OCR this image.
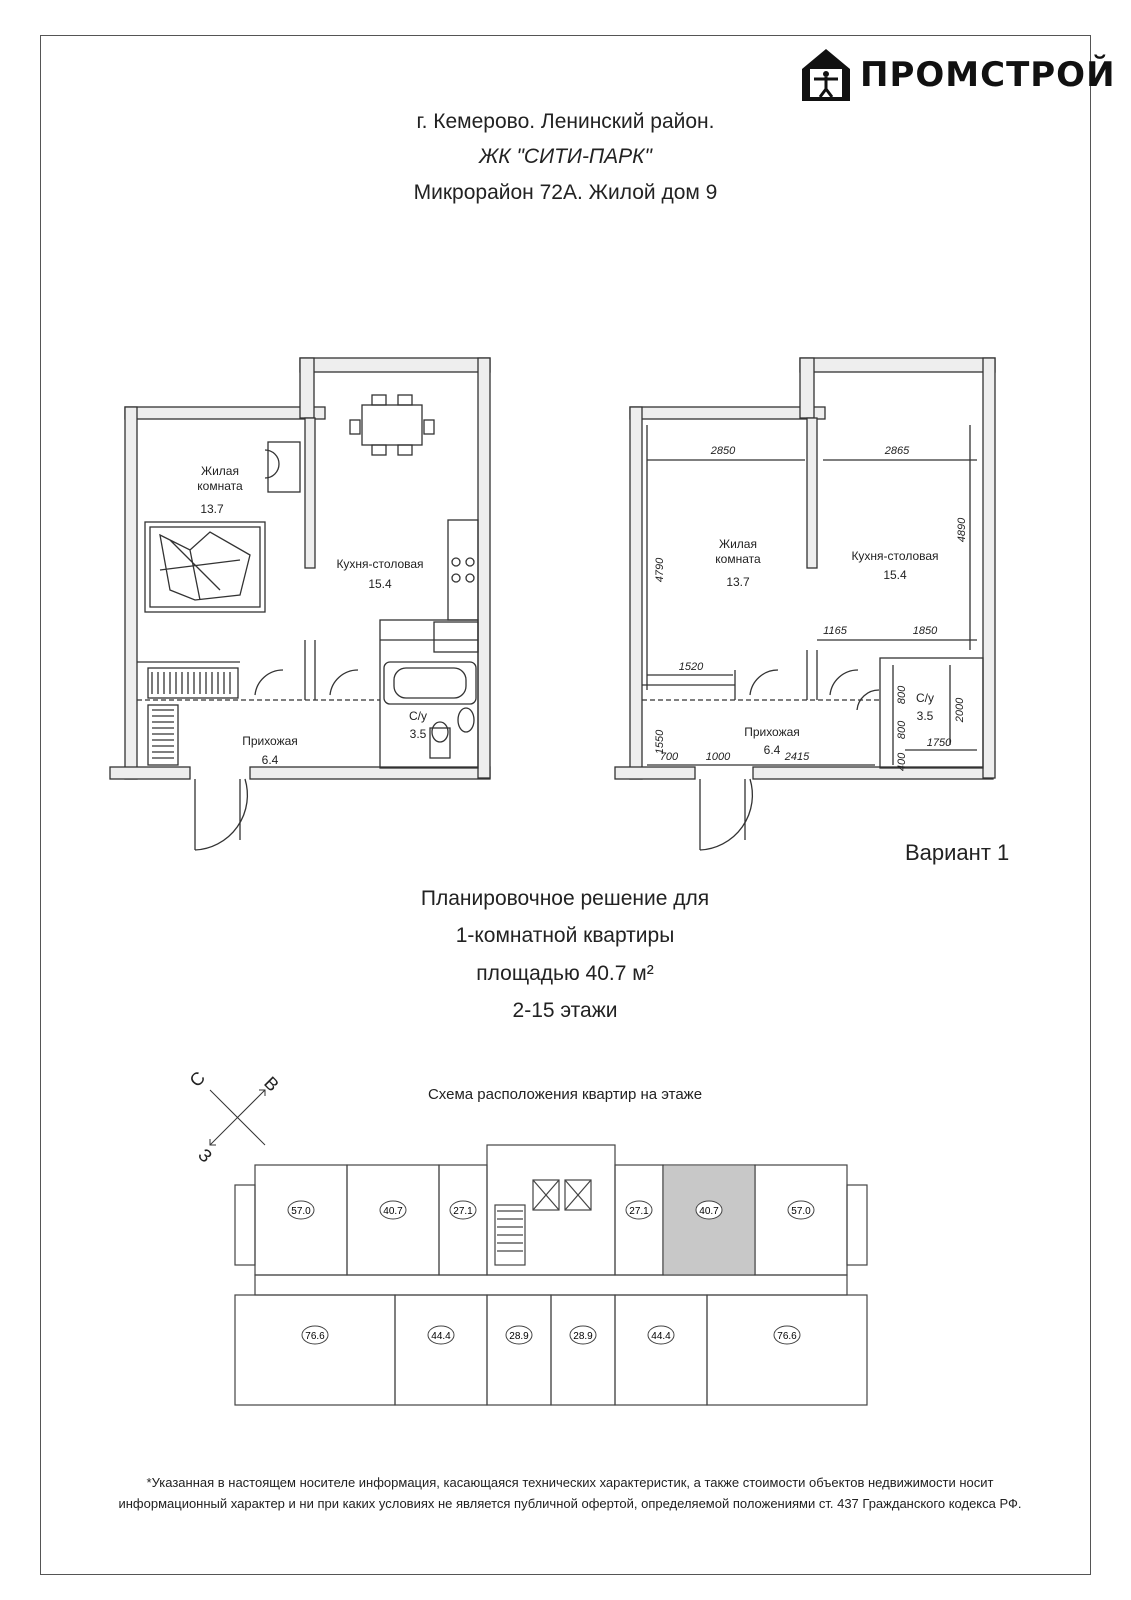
ПРОМСТРОЙ
г. Кемерово. Ленинский район.
ЖК "СИТИ-ПАРК"
Микрорайон 72А. Жилой дом 9
Жилая комната
13.7
Кухня-столовая
15.4
Прихожая
6.4
С/у
3.5
Жилая комната
13.7
Кухня-столовая
15.4
Прихожая
6.4
С/у
3.5
2850	2865
4790
4890
1165	1850
1520
800
800
2000
1750
400
1550
700	1000	2415
Вариант 1
Планировочное решение для
1-комнатной квартиры
площадью 40.7 м²
2-15 этажи
С	В
З
Схема расположения квартир на этаже
57.0	40.7	27.1	27.1	40.7	57.0
76.6	44.4	28.9	28.9	44.4	76.6
*Указанная в настоящем носителе информация, касающаяся технических характеристик, а также стоимости объектов недвижимости носит
информационный характер и ни при каких условиях не является публичной офертой, определяемой положениями ст. 437 Гражданского кодекса РФ.
